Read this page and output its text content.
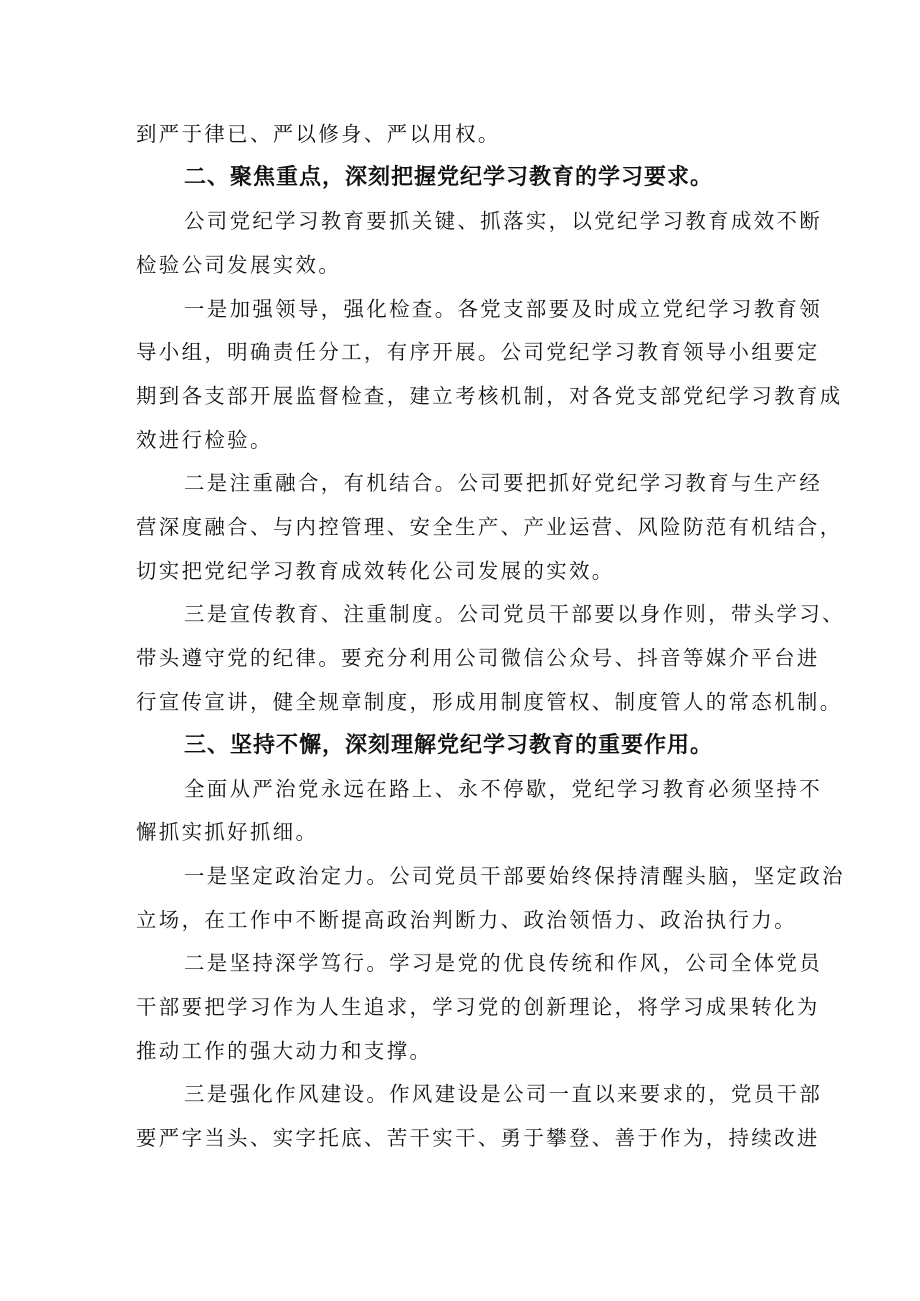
到严于律已、严以修身、严以用权。

二、聚焦重点，深刻把握党纪学习教育的学习要求。

公司党纪学习教育要抓关键、抓落实，以党纪学习教育成效不断

检验公司发展实效。

一是加强领导，强化检查。各党支部要及时成立党纪学习教育领

导小组，明确责任分工，有序开展。公司党纪学习教育领导小组要定

期到各支部开展监督检查，建立考核机制，对各党支部党纪学习教育成

效进行检验。

二是注重融合，有机结合。公司要把抓好党纪学习教育与生产经

营深度融合、与内控管理、安全生产、产业运营、风险防范有机结合，

切实把党纪学习教育成效转化公司发展的实效。

三是宣传教育、注重制度。公司党员干部要以身作则，带头学习、

带头遵守党的纪律。要充分利用公司微信公众号、抖音等媒介平台进

行宣传宣讲，健全规章制度，形成用制度管权、制度管人的常态机制。

三、坚持不懈，深刻理解党纪学习教育的重要作用。

全面从严治党永远在路上、永不停歇，党纪学习教育必须坚持不

懈抓实抓好抓细。

一是坚定政治定力。公司党员干部要始终保持清醒头脑，坚定政治

立场，在工作中不断提高政治判断力、政治领悟力、政治执行力。

二是坚持深学笃行。学习是党的优良传统和作风，公司全体党员

干部要把学习作为人生追求，学习党的创新理论，将学习成果转化为

推动工作的强大动力和支撑。

三是强化作风建设。作风建设是公司一直以来要求的，党员干部

要严字当头、实字托底、苦干实干、勇于攀登、善于作为，持续改进
